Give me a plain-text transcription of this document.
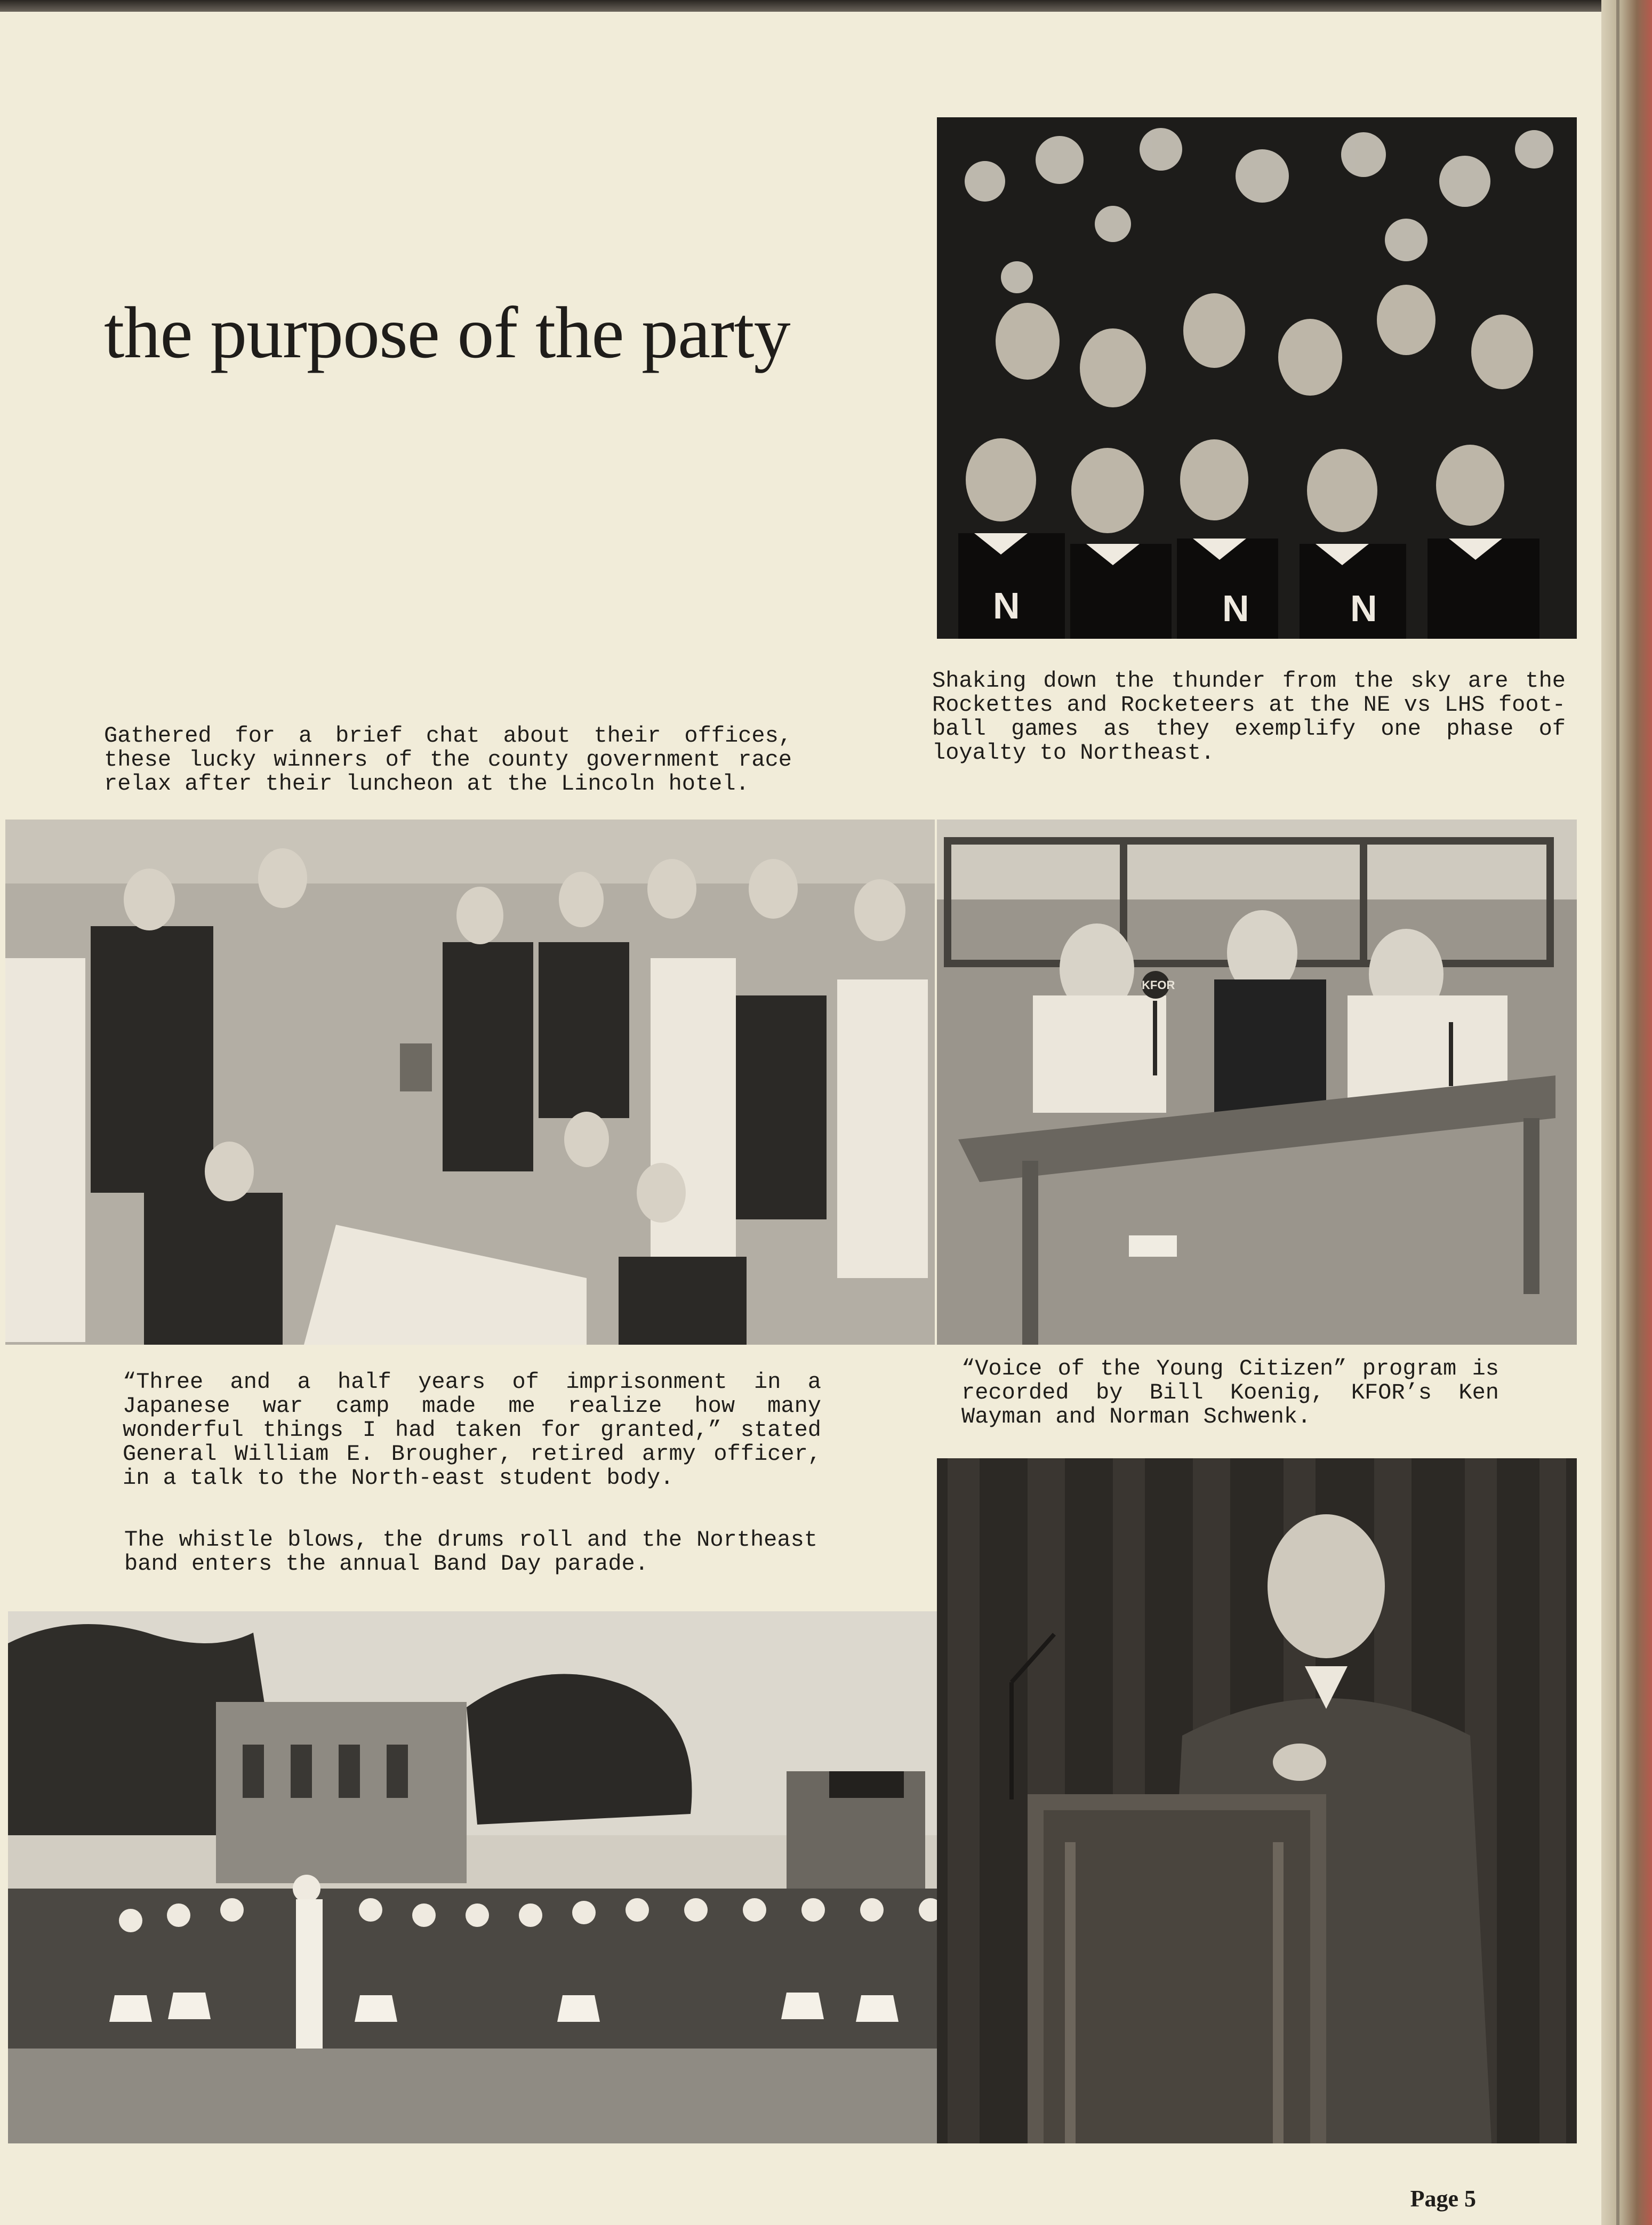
the purpose of the party
N	N	N

Shaking down the thunder from the sky are the Rockettes and Rocketeers at the NE vs LHS foot-ball games as they exemplify one phase of loyalty to Northeast.

Gathered for a brief chat about their offices, these lucky winners of the county government race relax after their luncheon at the Lincoln hotel.

KFOR

“Three and a half years of imprisonment in a Japanese war camp made me realize how many wonderful things I had taken for granted,” stated General William E. Brougher, retired army officer, in a talk to the North-east student body.

“Voice of the Young Citizen” program is recorded by Bill Koenig, KFOR’s Ken Wayman and Norman Schwenk.

The whistle blows, the drums roll and the Northeast band enters the annual Band Day parade.

Page 5
